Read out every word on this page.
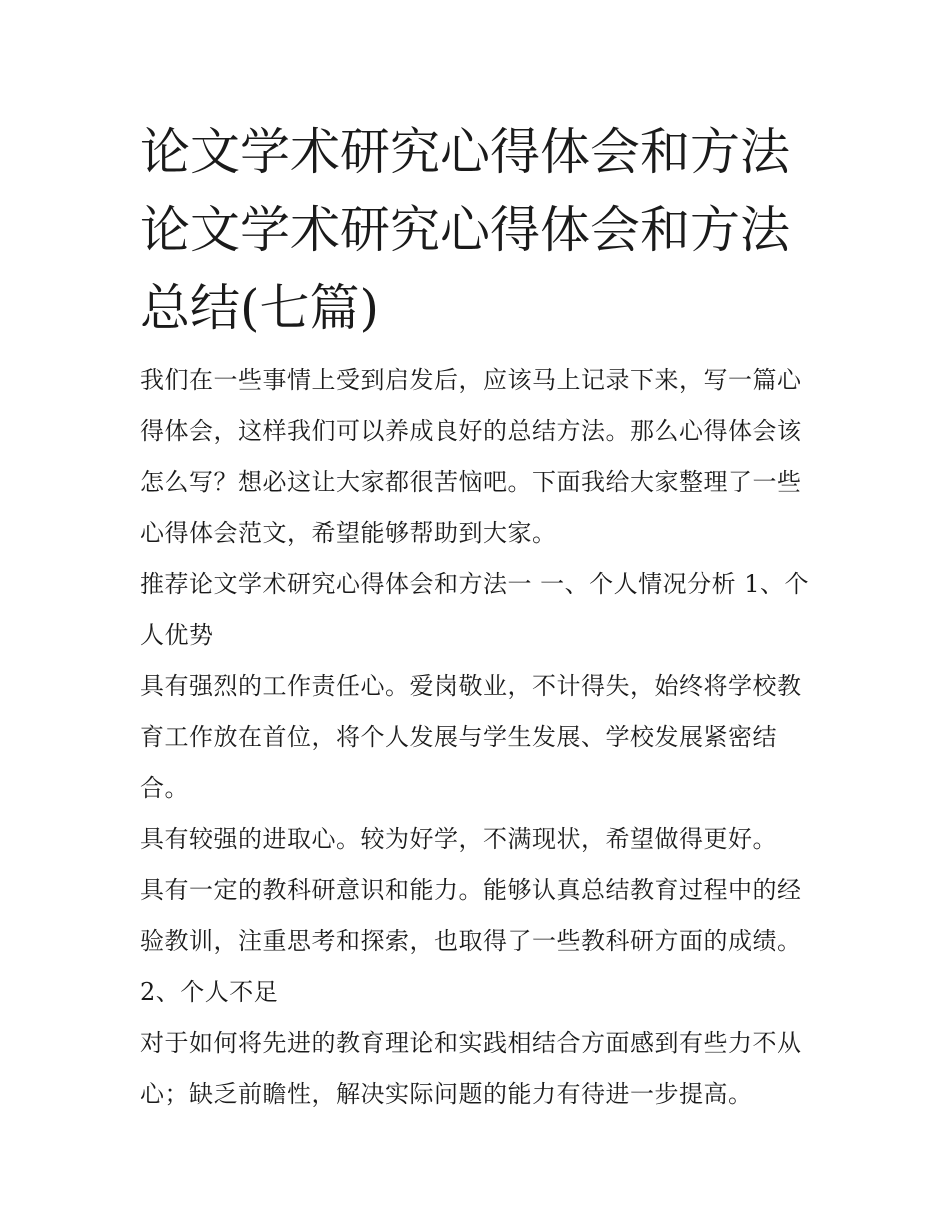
论文学术研究心得体会和方法
论文学术研究心得体会和方法
总结(七篇)

我们在一些事情上受到启发后，应该马上记录下来，写一篇心
得体会，这样我们可以养成良好的总结方法。那么心得体会该
怎么写？想必这让大家都很苦恼吧。下面我给大家整理了一些
心得体会范文，希望能够帮助到大家。

推荐论文学术研究心得体会和方法一 一、个人情况分析 1、个
人优势

具有强烈的工作责任心。爱岗敬业，不计得失，始终将学校教
育工作放在首位，将个人发展与学生发展、学校发展紧密结
合。

具有较强的进取心。较为好学，不满现状，希望做得更好。

具有一定的教科研意识和能力。能够认真总结教育过程中的经
验教训，注重思考和探索，也取得了一些教科研方面的成绩。

2、个人不足

对于如何将先进的教育理论和实践相结合方面感到有些力不从
心；缺乏前瞻性，解决实际问题的能力有待进一步提高。
